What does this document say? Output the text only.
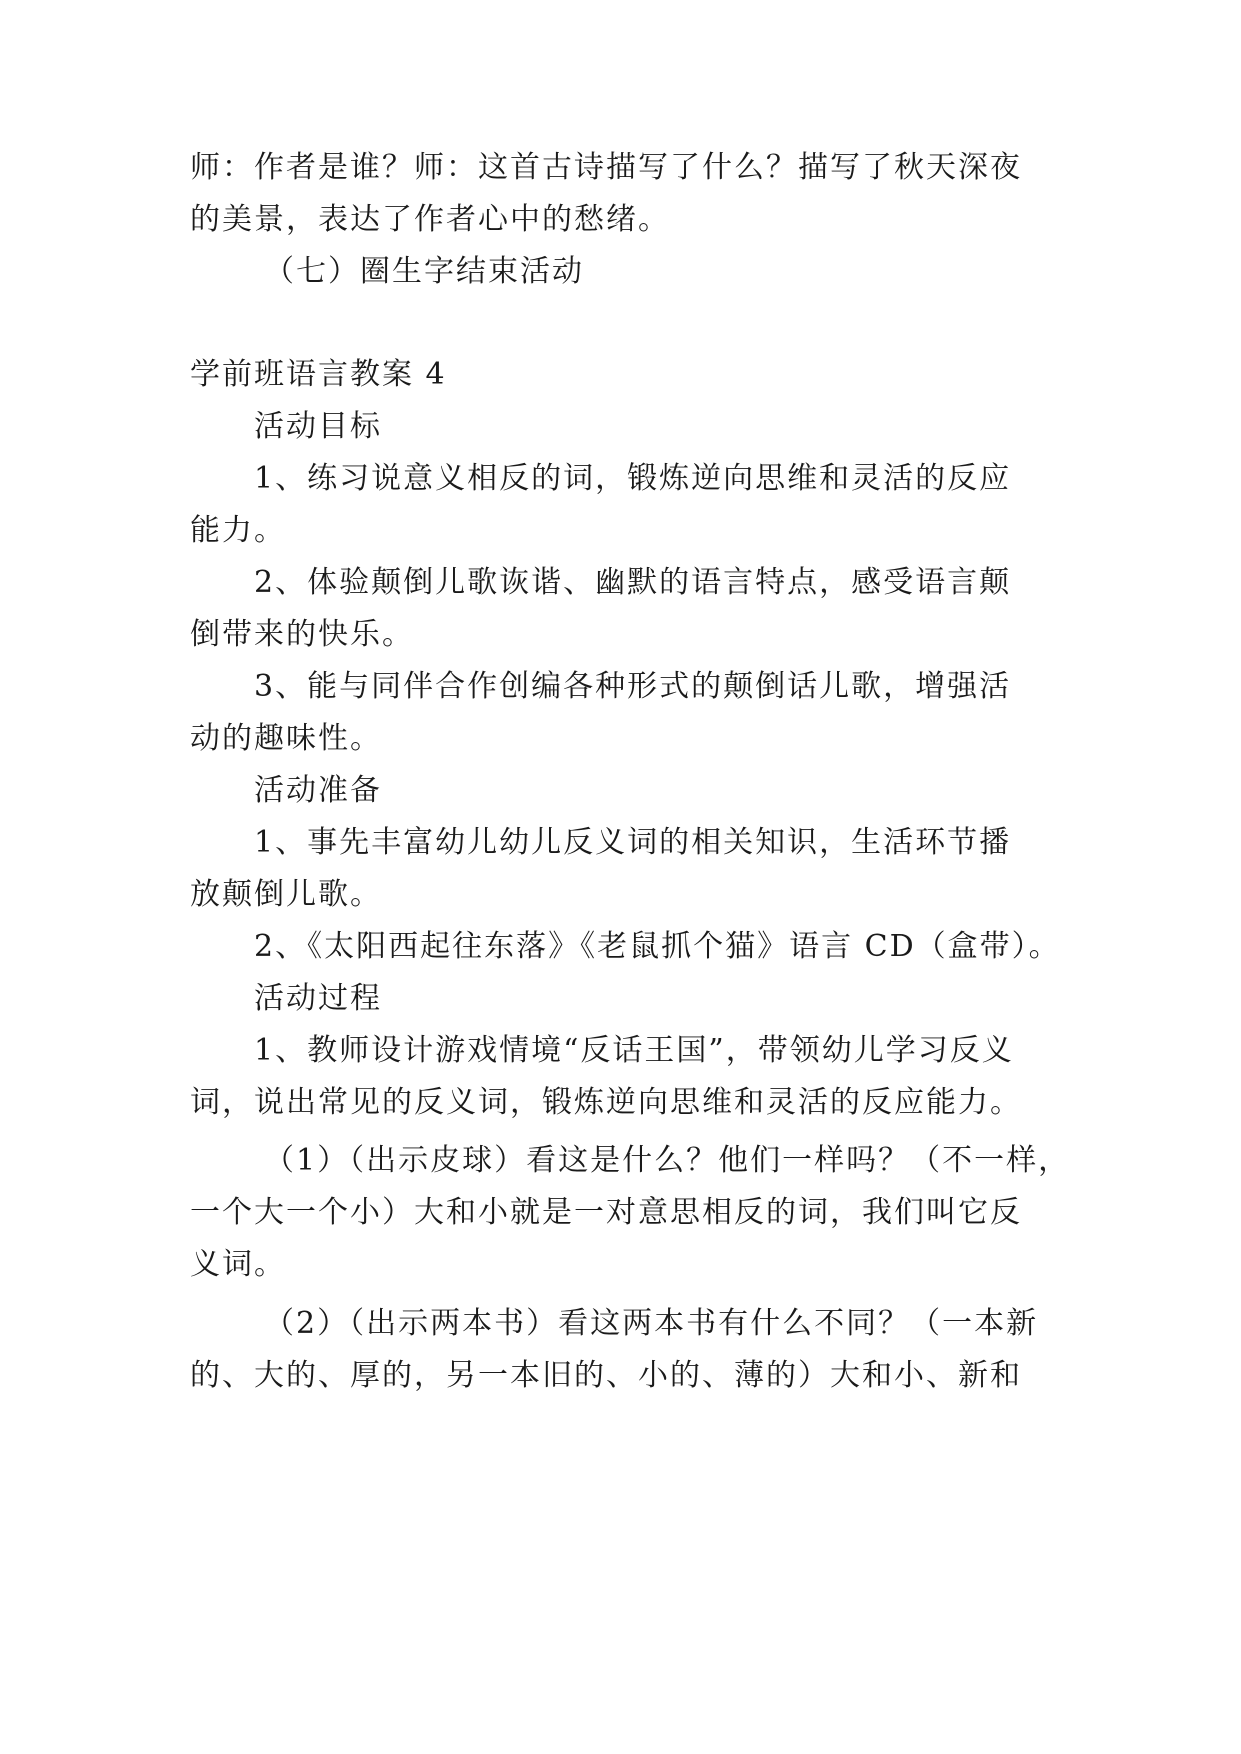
师：作者是谁？师：这首古诗描写了什么？描写了秋天深夜
的美景，表达了作者心中的愁绪。
（七）圈生字结束活动
学前班语言教案 4
活动目标
1、练习说意义相反的词，锻炼逆向思维和灵活的反应
能力。
2、体验颠倒儿歌诙谐、幽默的语言特点，感受语言颠
倒带来的快乐。
3、能与同伴合作创编各种形式的颠倒话儿歌，增强活
动的趣味性。
活动准备
1、事先丰富幼儿幼儿反义词的相关知识，生活环节播
放颠倒儿歌。
2、《太阳西起往东落》《老鼠抓个猫》语言 CD（盒带）。
活动过程
1、教师设计游戏情境“反话王国”，带领幼儿学习反义
词，说出常见的反义词，锻炼逆向思维和灵活的反应能力。
（1）（出示皮球）看这是什么？他们一样吗？（不一样，
一个大一个小）大和小就是一对意思相反的词，我们叫它反
义词。
（2）（出示两本书）看这两本书有什么不同？（一本新
的、大的、厚的，另一本旧的、小的、薄的）大和小、新和
